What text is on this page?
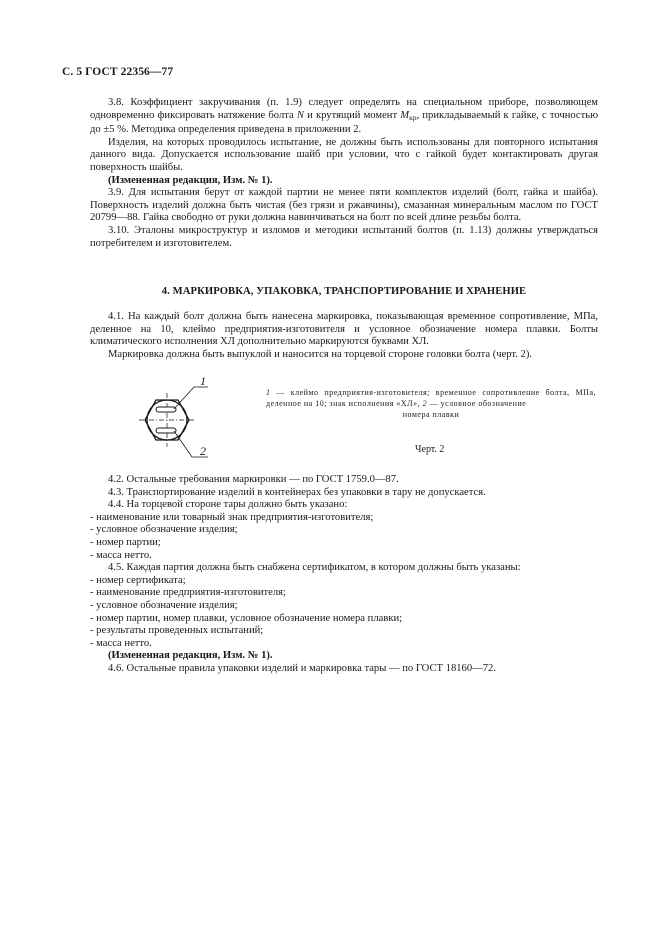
С. 5 ГОСТ 22356—77

3.8. Коэффициент закручивания (п. 1.9) следует определять на специальном приборе, позволяющем одновременно фиксировать натяжение болта N и крутящий момент $M_{кр}$, прикладываемый к гайке, с точностью до ±5 %. Методика определения приведена в приложении 2.

Изделия, на которых проводилось испытание, не должны быть использованы для повторного испытания данного вида. Допускается использование шайб при условии, что с гайкой будет контактировать другая поверхность шайбы.

(Измененная редакция, Изм. № 1).

3.9. Для испытания берут от каждой партии не менее пяти комплектов изделий (болт, гайка и шайба). Поверхность изделий должна быть чистая (без грязи и ржавчины), смазанная минеральным маслом по ГОСТ 20799—88. Гайка свободно от руки должна навинчиваться на болт по всей длине резьбы болта.

3.10. Эталоны микроструктур и изломов и методики испытаний болтов (п. 1.13) должны утверждаться потребителем и изготовителем.

4. МАРКИРОВКА, УПАКОВКА, ТРАНСПОРТИРОВАНИЕ И ХРАНЕНИЕ

4.1. На каждый болт должна быть нанесена маркировка, показывающая временное сопротивление, МПа, деленное на 10, клеймо предприятия-изготовителя и условное обозначение номера плавки. Болты климатического исполнения ХЛ дополнительно маркируются буквами ХЛ.

Маркировка должна быть выпуклой и наносится на торцевой стороне головки болта (черт. 2).

1
2
1 — клеймо предприятия-изготовителя; временное сопротивление болта, МПа, деленное на 10; знак исполнения «ХЛ», 2 — условное обозначение
номера плавки
Черт. 2

4.2. Остальные требования маркировки — по ГОСТ 1759.0—87.

4.3. Транспортирование изделий в контейнерах без упаковки в тару не допускается.

4.4. На торцевой стороне тары должно быть указано:

- наименование или товарный знак предприятия-изготовителя;

- условное обозначение изделия;

- номер партии;

- масса нетто.

4.5. Каждая партия должна быть снабжена сертификатом, в котором должны быть указаны:

- номер сертификата;

- наименование предприятия-изготовителя;

- условное обозначение изделия;

- номер партии, номер плавки, условное обозначение номера плавки;

- результаты проведенных испытаний;

- масса нетто.

(Измененная редакция, Изм. № 1).

4.6. Остальные правила упаковки изделий и маркировка тары — по ГОСТ 18160—72.
